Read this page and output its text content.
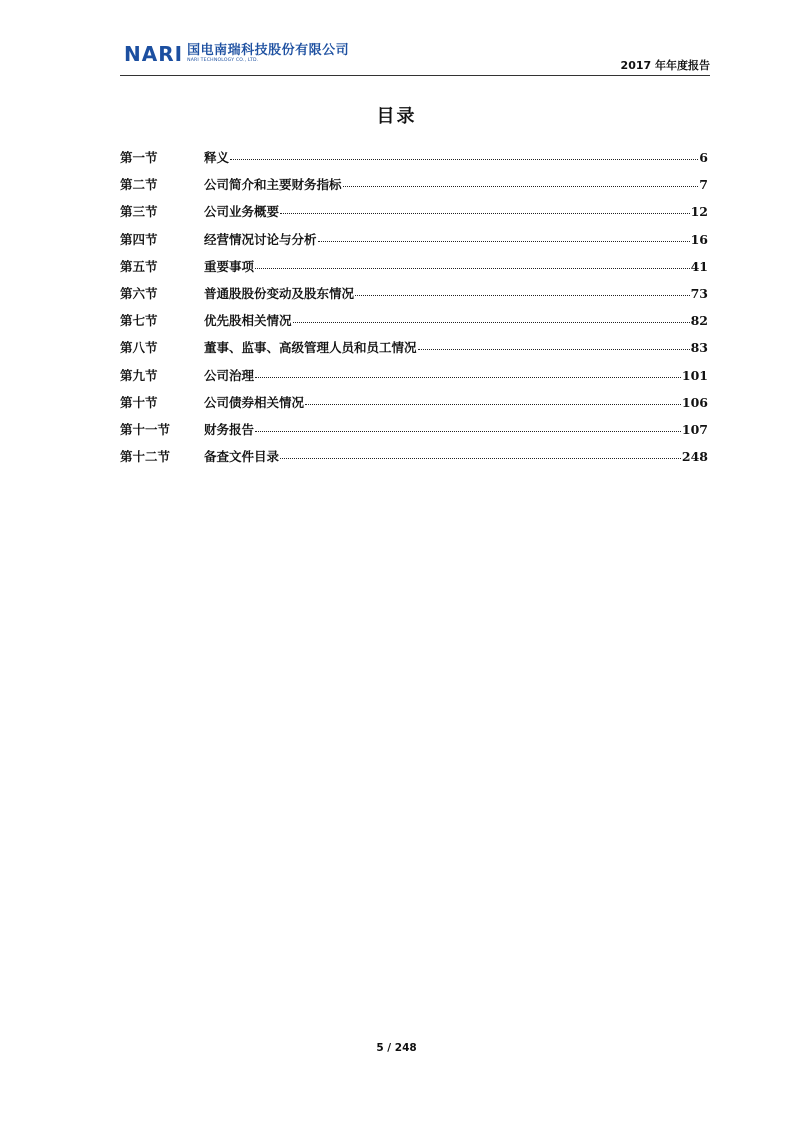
NARI 国电南瑞科技股份有限公司
NARI TECHNOLOGY CO., LTD.	2017 年年度报告
目录
第一节	释义	6
第二节	公司简介和主要财务指标	7
第三节	公司业务概要	12
第四节	经营情况讨论与分析	16
第五节	重要事项	41
第六节	普通股股份变动及股东情况	73
第七节	优先股相关情况	82
第八节	董事、监事、高级管理人员和员工情况	83
第九节	公司治理	101
第十节	公司债券相关情况	106
第十一节	财务报告	107
第十二节	备查文件目录	248
5 / 248
